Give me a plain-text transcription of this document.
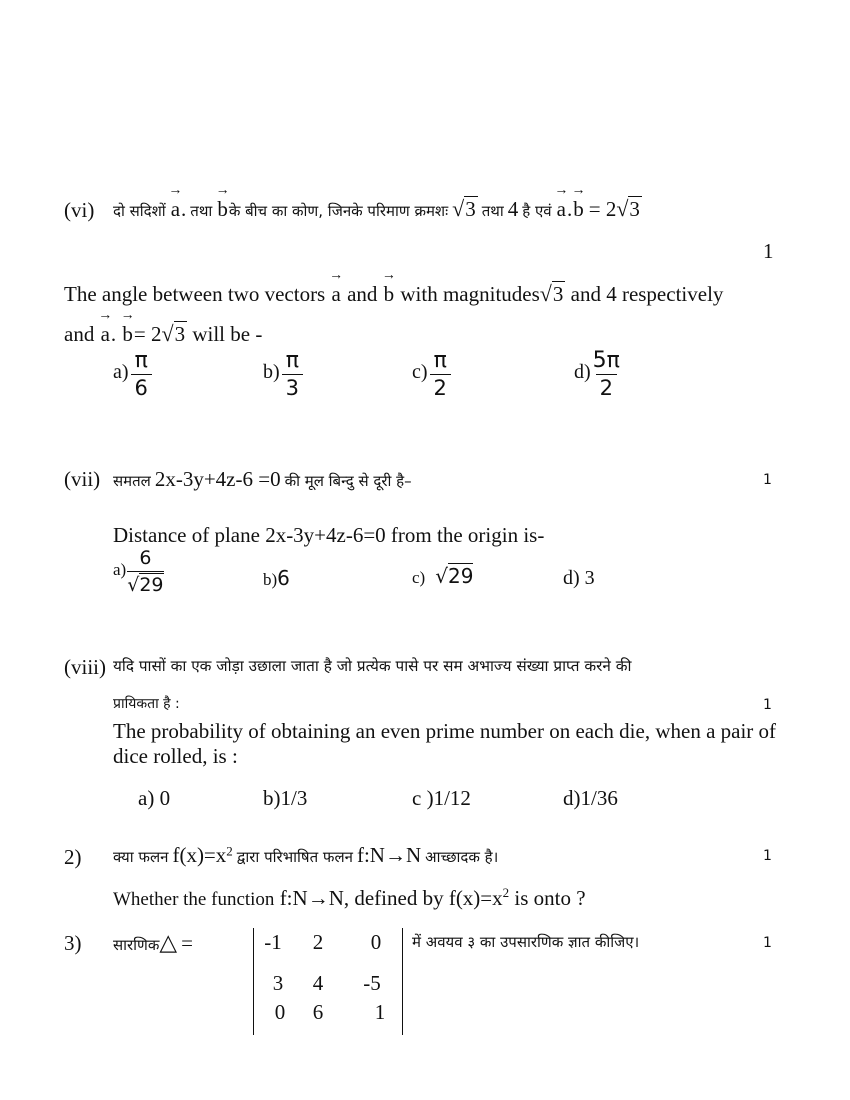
(vi) दो सदिशों → a. तथा → bके बीच का कोण, जिनके परिमाण क्रमशः √3 तथा 4 है एवं → a.→ b = 2√3
1
The angle between two vectors → a and → b with magnitudes√3 and 4 respectively
and → a. → b= 2√3 will be -
$a) \frac{\pi}{6}$	$b) \frac{\pi}{3}$	$c) \frac{\pi}{2}$	$d) \frac{5\pi}{2}$
(vii) समतल 2x-3y+4z-6 =0 की मूल बिन्दु से दूरी है–	1
Distance of plane 2x-3y+4z-6=0 from the origin is-
$a) \frac{6}{√29}$	b)6	c) √29	d) 3
(viii) यदि पासों का एक जोड़ा उछाला जाता है जो प्रत्येक पासे पर सम अभाज्य संख्या प्राप्त करने की
प्रायिकता है :	1
The probability of obtaining an even prime number on each die, when a pair of
dice rolled, is :
a) 0	b)1/3	c )1/12	d)1/36
2) क्या फलन $f(x)=x^2$ द्वारा परिभाषित फलन f:N→N आच्छादक है।	1
Whether the function f:N→N, defined by $f(x)=x^2$ is onto ?
3) सारणिक△ =	-1	2	0
3	4	-5
0	6	1
में अवयव ३ का उपसारणिक ज्ञात कीजिए।	1
